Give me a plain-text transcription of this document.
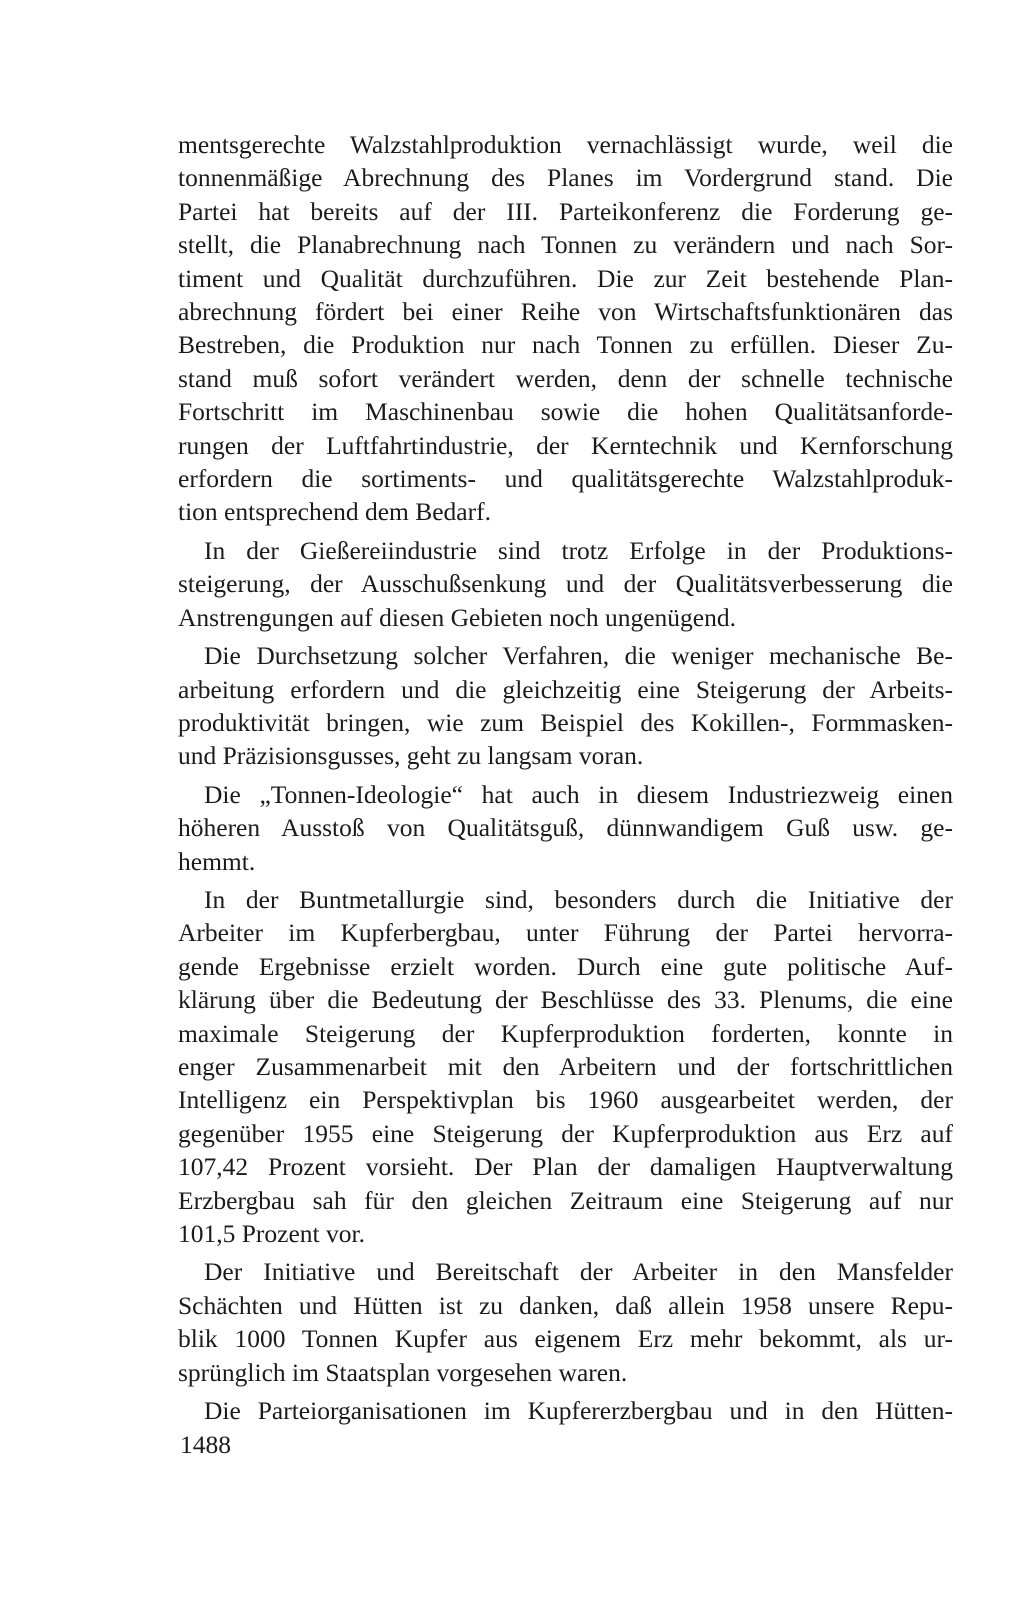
mentsgerechte Walzstahlproduktion vernachlässigt wurde, weil die
tonnenmäßige Abrechnung des Planes im Vordergrund stand. Die
Partei hat bereits auf der III. Parteikonferenz die Forderung ge-
stellt, die Planabrechnung nach Tonnen zu verändern und nach Sor-
timent und Qualität durchzuführen. Die zur Zeit bestehende Plan-
abrechnung fördert bei einer Reihe von Wirtschaftsfunktionären das
Bestreben, die Produktion nur nach Tonnen zu erfüllen. Dieser Zu-
stand muß sofort verändert werden, denn der schnelle technische
Fortschritt im Maschinenbau sowie die hohen Qualitätsanforde-
rungen der Luftfahrtindustrie, der Kerntechnik und Kernforschung
erfordern die sortiments- und qualitätsgerechte Walzstahlproduk-
tion entsprechend dem Bedarf.

In der Gießereiindustrie sind trotz Erfolge in der Produktions-
steigerung, der Ausschußsenkung und der Qualitätsverbesserung die
Anstrengungen auf diesen Gebieten noch ungenügend.

Die Durchsetzung solcher Verfahren, die weniger mechanische Be-
arbeitung erfordern und die gleichzeitig eine Steigerung der Arbeits-
produktivität bringen, wie zum Beispiel des Kokillen-, Formmasken-
und Präzisionsgusses, geht zu langsam voran.

Die „Tonnen-Ideologie“ hat auch in diesem Industriezweig einen
höheren Ausstoß von Qualitätsguß, dünnwandigem Guß usw. ge-
hemmt.

In der Buntmetallurgie sind, besonders durch die Initiative der
Arbeiter im Kupferbergbau, unter Führung der Partei hervorra-
gende Ergebnisse erzielt worden. Durch eine gute politische Auf-
klärung über die Bedeutung der Beschlüsse des 33. Plenums, die eine
maximale Steigerung der Kupferproduktion forderten, konnte in
enger Zusammenarbeit mit den Arbeitern und der fortschrittlichen
Intelligenz ein Perspektivplan bis 1960 ausgearbeitet werden, der
gegenüber 1955 eine Steigerung der Kupferproduktion aus Erz auf
107,42 Prozent vorsieht. Der Plan der damaligen Hauptverwaltung
Erzbergbau sah für den gleichen Zeitraum eine Steigerung auf nur
101,5 Prozent vor.

Der Initiative und Bereitschaft der Arbeiter in den Mansfelder
Schächten und Hütten ist zu danken, daß allein 1958 unsere Repu-
blik 1000 Tonnen Kupfer aus eigenem Erz mehr bekommt, als ur-
sprünglich im Staatsplan vorgesehen waren.

Die Parteiorganisationen im Kupfererzbergbau und in den Hütten-

1488
